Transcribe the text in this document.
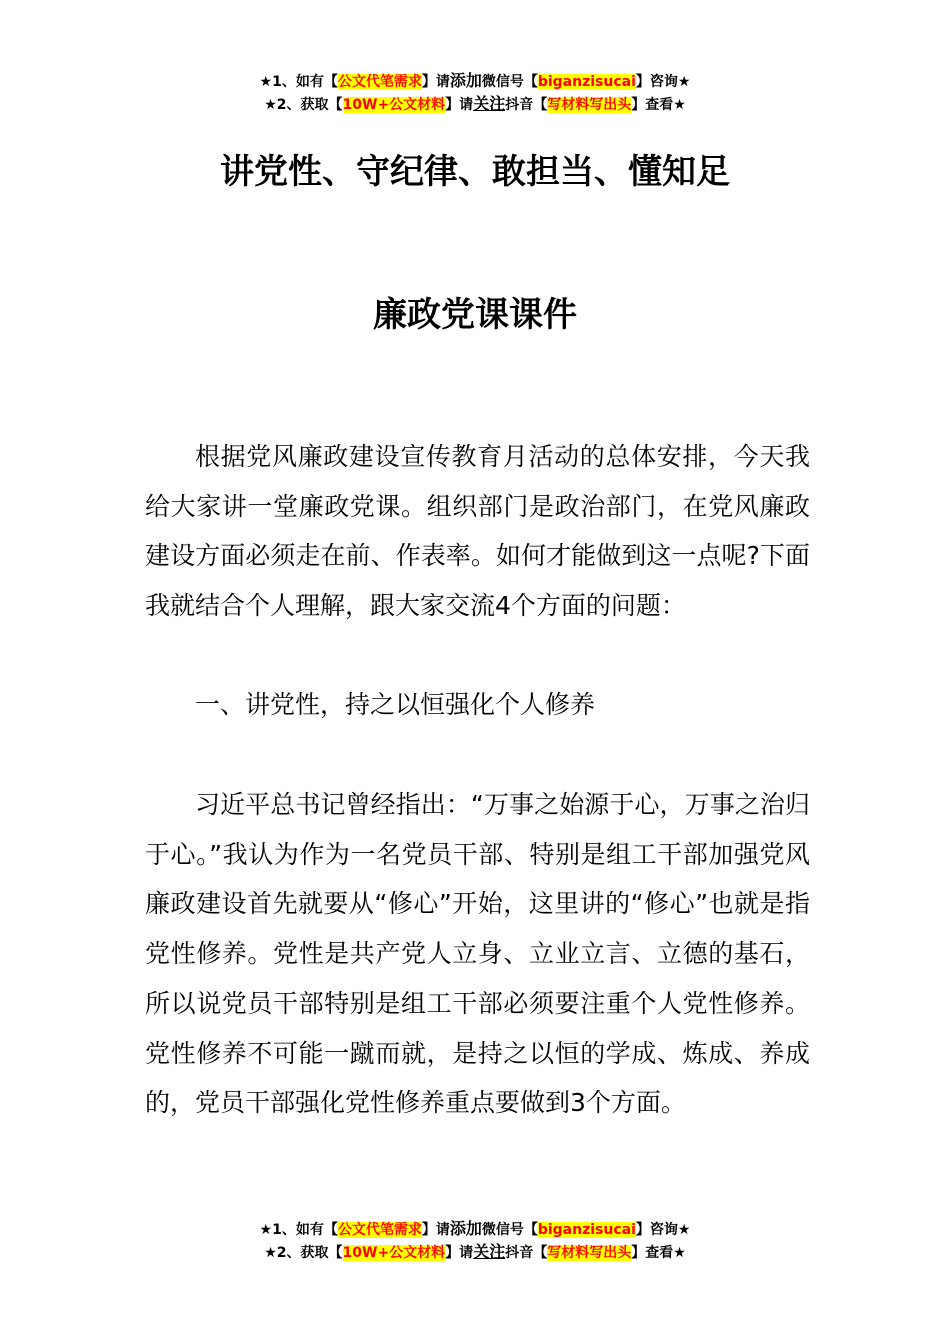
★1、如有【公文代笔需求】请添加微信号【biganzisucai】咨询★
★2、获取【10W+公文材料】请关注抖音【写材料写出头】查看★
讲党性、守纪律、敢担当、懂知足
廉政党课课件

根据党风廉政建设宣传教育月活动的总体安排，今天我给大家讲一堂廉政党课。组织部门是政治部门，在党风廉政建设方面必须走在前、作表率。如何才能做到这一点呢?下面我就结合个人理解，跟大家交流4个方面的问题：

一、讲党性，持之以恒强化个人修养

习近平总书记曾经指出：“万事之始源于心，万事之治归于心。”我认为作为一名党员干部、特别是组工干部加强党风廉政建设首先就要从“修心”开始，这里讲的“修心”也就是指党性修养。党性是共产党人立身、立业立言、立德的基石，所以说党员干部特别是组工干部必须要注重个人党性修养。党性修养不可能一蹴而就，是持之以恒的学成、炼成、养成的，党员干部强化党性修养重点要做到3个方面。

★1、如有【公文代笔需求】请添加微信号【biganzisucai】咨询★
★2、获取【10W+公文材料】请关注抖音【写材料写出头】查看★
